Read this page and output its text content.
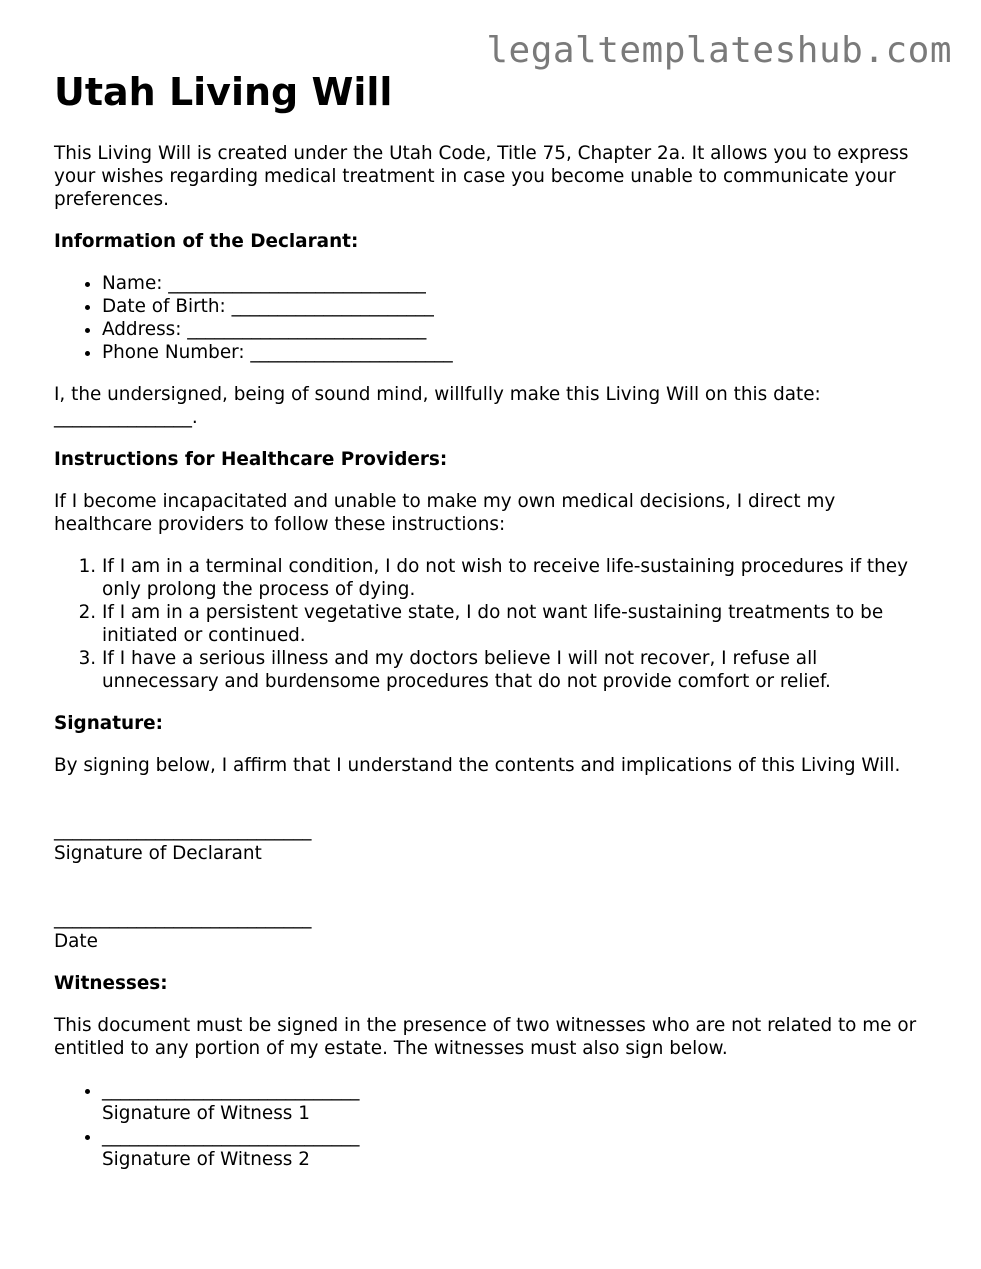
legaltemplateshub.com
Utah Living Will

This Living Will is created under the Utah Code, Title 75, Chapter 2a. It allows you to express your wishes regarding medical treatment in case you become unable to communicate your preferences.

Information of the Declarant:
• Name: ____________________________
• Date of Birth: ______________________
• Address: __________________________
• Phone Number: ______________________

I, the undersigned, being of sound mind, willfully make this Living Will on this date: _______________.

Instructions for Healthcare Providers:

If I become incapacitated and unable to make my own medical decisions, I direct my healthcare providers to follow these instructions:

1. If I am in a terminal condition, I do not wish to receive life-sustaining procedures if they only prolong the process of dying.
2. If I am in a persistent vegetative state, I do not want life-sustaining treatments to be initiated or continued.
3. If I have a serious illness and my doctors believe I will not recover, I refuse all unnecessary and burdensome procedures that do not provide comfort or relief.
Signature:

By signing below, I affirm that I understand the contents and implications of this Living Will.

____________________________
Signature of Declarant
____________________________
Date
Witnesses:

This document must be signed in the presence of two witnesses who are not related to me or entitled to any portion of my estate. The witnesses must also sign below.

• ____________________________
Signature of Witness 1
• ____________________________
Signature of Witness 2
